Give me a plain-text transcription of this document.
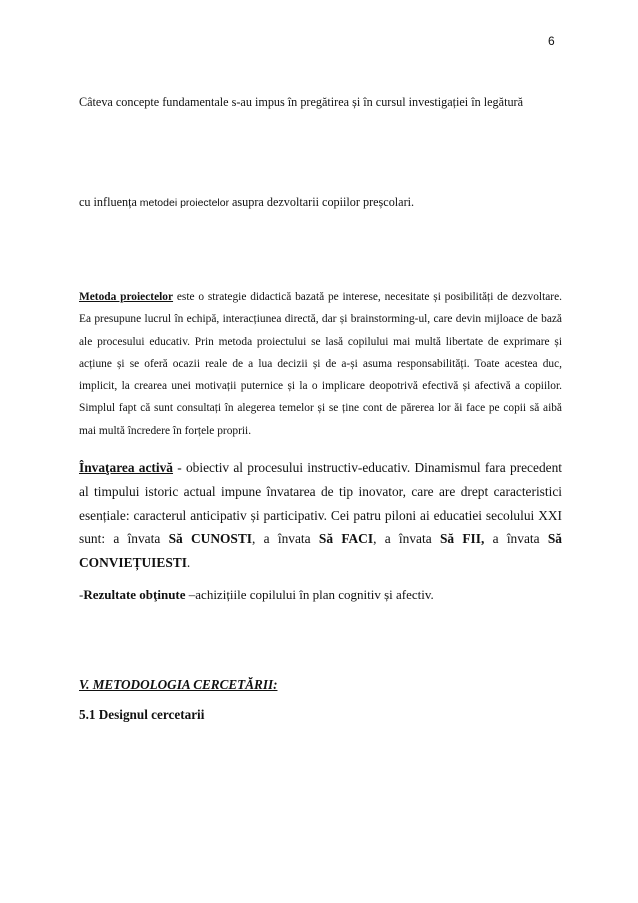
6

Câteva concepte fundamentale s-au impus în pregătirea și în cursul investigației în legătură

cu influența metodei proiectelor asupra dezvoltarii copiilor preșcolari.

Metoda proiectelor este o strategie didactică bazată pe interese, necesitate și posibilități de dezvoltare. Ea presupune lucrul în echipă, interacțiunea directă, dar și brainstorming-ul, care devin mijloace de bază ale procesului educativ. Prin metoda proiectului se lasă copilului mai multă libertate de exprimare și acțiune și se oferă ocazii reale de a lua decizii și de a-și asuma responsabilități. Toate acestea duc, implicit, la crearea unei motivații puternice și la o implicare deopotrivă efectivă și afectivă a copiilor. Simplul fapt că sunt consultați în alegerea temelor și se ține cont de părerea lor ăi face pe copii să aibă mai multă încredere în forțele proprii.

Învaţarea activă - obiectiv al procesului instructiv-educativ. Dinamismul fara precedent al timpului istoric actual impune învatarea de tip inovator, care are drept caracteristici esențiale: caracterul anticipativ și participativ. Cei patru piloni ai educatiei secolului XXI sunt: a învata Să CUNOSTI, a învata Să FACI, a învata Să FII, a învata Să CONVIEȚUIESTI.

-Rezultate obţinute –achizițiile copilului în plan cognitiv și afectiv.

V. METODOLOGIA CERCETĂRII:
5.1 Designul cercetarii
